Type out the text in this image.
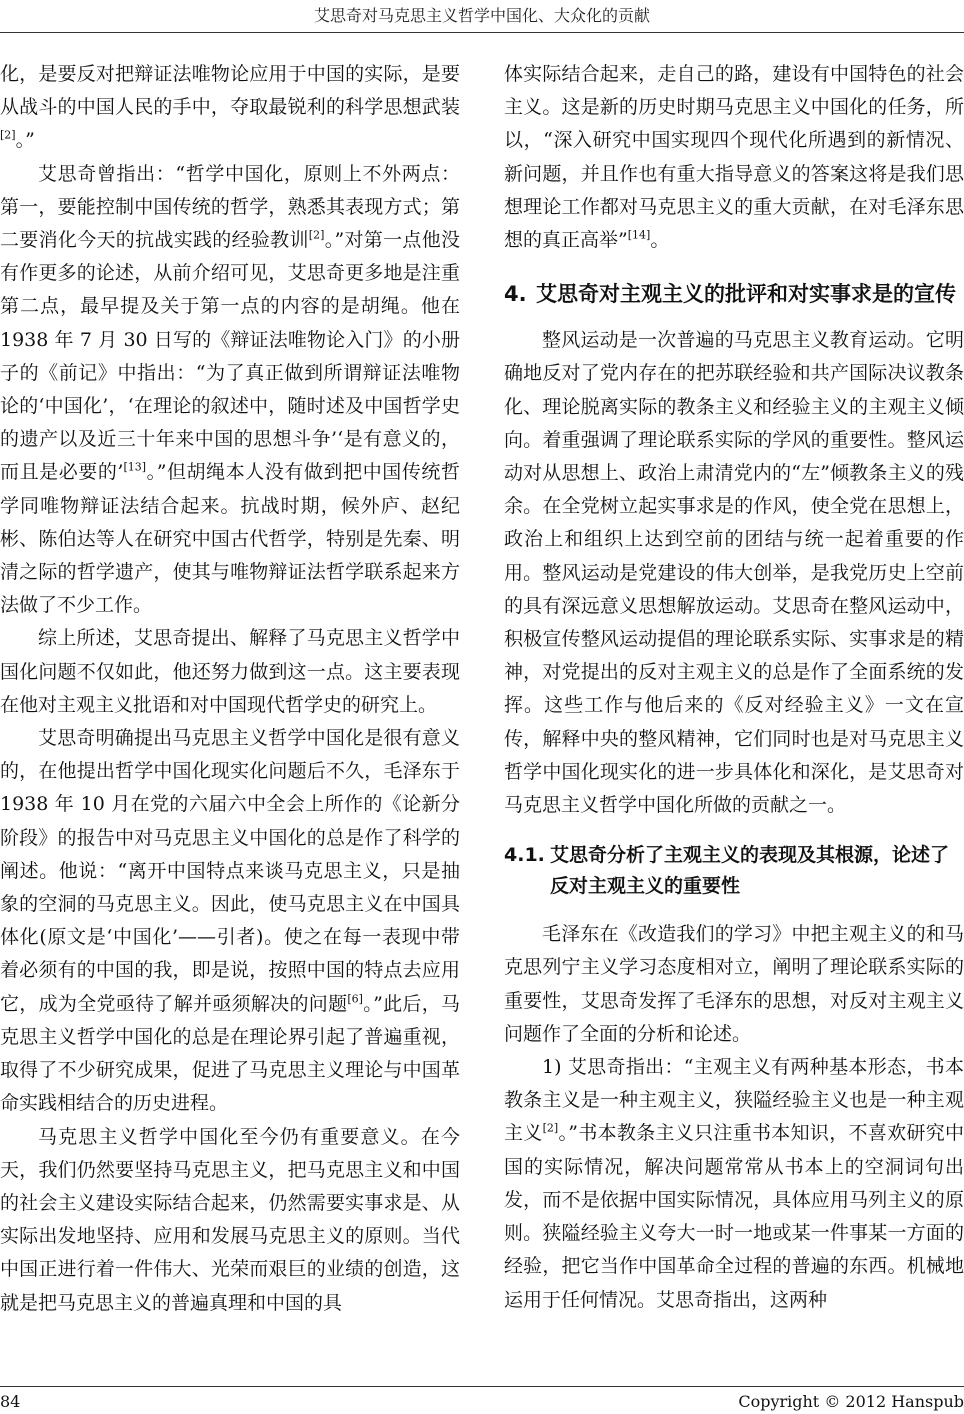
艾思奇对马克思主义哲学中国化、大众化的贡献

化，是要反对把辩证法唯物论应用于中国的实际，是要从战斗的中国人民的手中，夺取最锐利的科学思想武装[2]。”

艾思奇曾指出：“哲学中国化，原则上不外两点：第一，要能控制中国传统的哲学，熟悉其表现方式；第二要消化今天的抗战实践的经验教训[2]。”对第一点他没有作更多的论述，从前介绍可见，艾思奇更多地是注重第二点，最早提及关于第一点的内容的是胡绳。他在 1938 年 7 月 30 日写的《辩证法唯物论入门》的小册子的《前记》中指出：“为了真正做到所谓辩证法唯物论的‘中国化’，‘在理论的叙述中，随时述及中国哲学史的遗产以及近三十年来中国的思想斗争’‘是有意义的，而且是必要的’[13]。”但胡绳本人没有做到把中国传统哲学同唯物辩证法结合起来。抗战时期，候外庐、赵纪彬、陈伯达等人在研究中国古代哲学，特别是先秦、明清之际的哲学遗产，使其与唯物辩证法哲学联系起来方法做了不少工作。

综上所述，艾思奇提出、解释了马克思主义哲学中国化问题不仅如此，他还努力做到这一点。这主要表现在他对主观主义批语和对中国现代哲学史的研究上。

艾思奇明确提出马克思主义哲学中国化是很有意义的，在他提出哲学中国化现实化问题后不久，毛泽东于 1938 年 10 月在党的六届六中全会上所作的《论新分阶段》的报告中对马克思主义中国化的总是作了科学的阐述。他说：“离开中国特点来谈马克思主义，只是抽象的空洞的马克思主义。因此，使马克思主义在中国具体化(原文是‘中国化’——引者)。使之在每一表现中带着必须有的中国的我，即是说，按照中国的特点去应用它，成为全党亟待了解并亟须解决的问题[6]。”此后，马克思主义哲学中国化的总是在理论界引起了普遍重视，取得了不少研究成果，促进了马克思主义理论与中国革命实践相结合的历史进程。

马克思主义哲学中国化至今仍有重要意义。在今天，我们仍然要坚持马克思主义，把马克思主义和中国的社会主义建设实际结合起来，仍然需要实事求是、从实际出发地坚持、应用和发展马克思主义的原则。当代中国正进行着一件伟大、光荣而艰巨的业绩的创造，这就是把马克思主义的普遍真理和中国的具

体实际结合起来，走自己的路，建设有中国特色的社会主义。这是新的历史时期马克思主义中国化的任务，所以，“深入研究中国实现四个现代化所遇到的新情况、新问题，并且作也有重大指导意义的答案这将是我们思想理论工作都对马克思主义的重大贡献，在对毛泽东思想的真正高举”[14]。

4. 艾思奇对主观主义的批评和对实事求是的宣传

整风运动是一次普遍的马克思主义教育运动。它明确地反对了党内存在的把苏联经验和共产国际决议教条化、理论脱离实际的教条主义和经验主义的主观主义倾向。着重强调了理论联系实际的学风的重要性。整风运动对从思想上、政治上肃清党内的“左”倾教条主义的残余。在全党树立起实事求是的作风，使全党在思想上，政治上和组织上达到空前的团结与统一起着重要的作用。整风运动是党建设的伟大创举，是我党历史上空前的具有深远意义思想解放运动。艾思奇在整风运动中，积极宣传整风运动提倡的理论联系实际、实事求是的精神，对党提出的反对主观主义的总是作了全面系统的发挥。这些工作与他后来的《反对经验主义》一文在宣传，解释中央的整风精神，它们同时也是对马克思主义哲学中国化现实化的进一步具体化和深化，是艾思奇对马克思主义哲学中国化所做的贡献之一。

4.1. 艾思奇分析了主观主义的表现及其根源，论述了反对主观主义的重要性

毛泽东在《改造我们的学习》中把主观主义的和马克思列宁主义学习态度相对立，阐明了理论联系实际的重要性，艾思奇发挥了毛泽东的思想，对反对主观主义问题作了全面的分析和论述。

1) 艾思奇指出：“主观主义有两种基本形态，书本教条主义是一种主观主义，狭隘经验主义也是一种主观主义[2]。”书本教条主义只注重书本知识，不喜欢研究中国的实际情况，解决问题常常从书本上的空洞词句出发，而不是依据中国实际情况，具体应用马列主义的原则。狭隘经验主义夸大一时一地或某一件事某一方面的经验，把它当作中国革命全过程的普遍的东西。机械地运用于任何情况。艾思奇指出，这两种

84	Copyright © 2012 Hanspub
